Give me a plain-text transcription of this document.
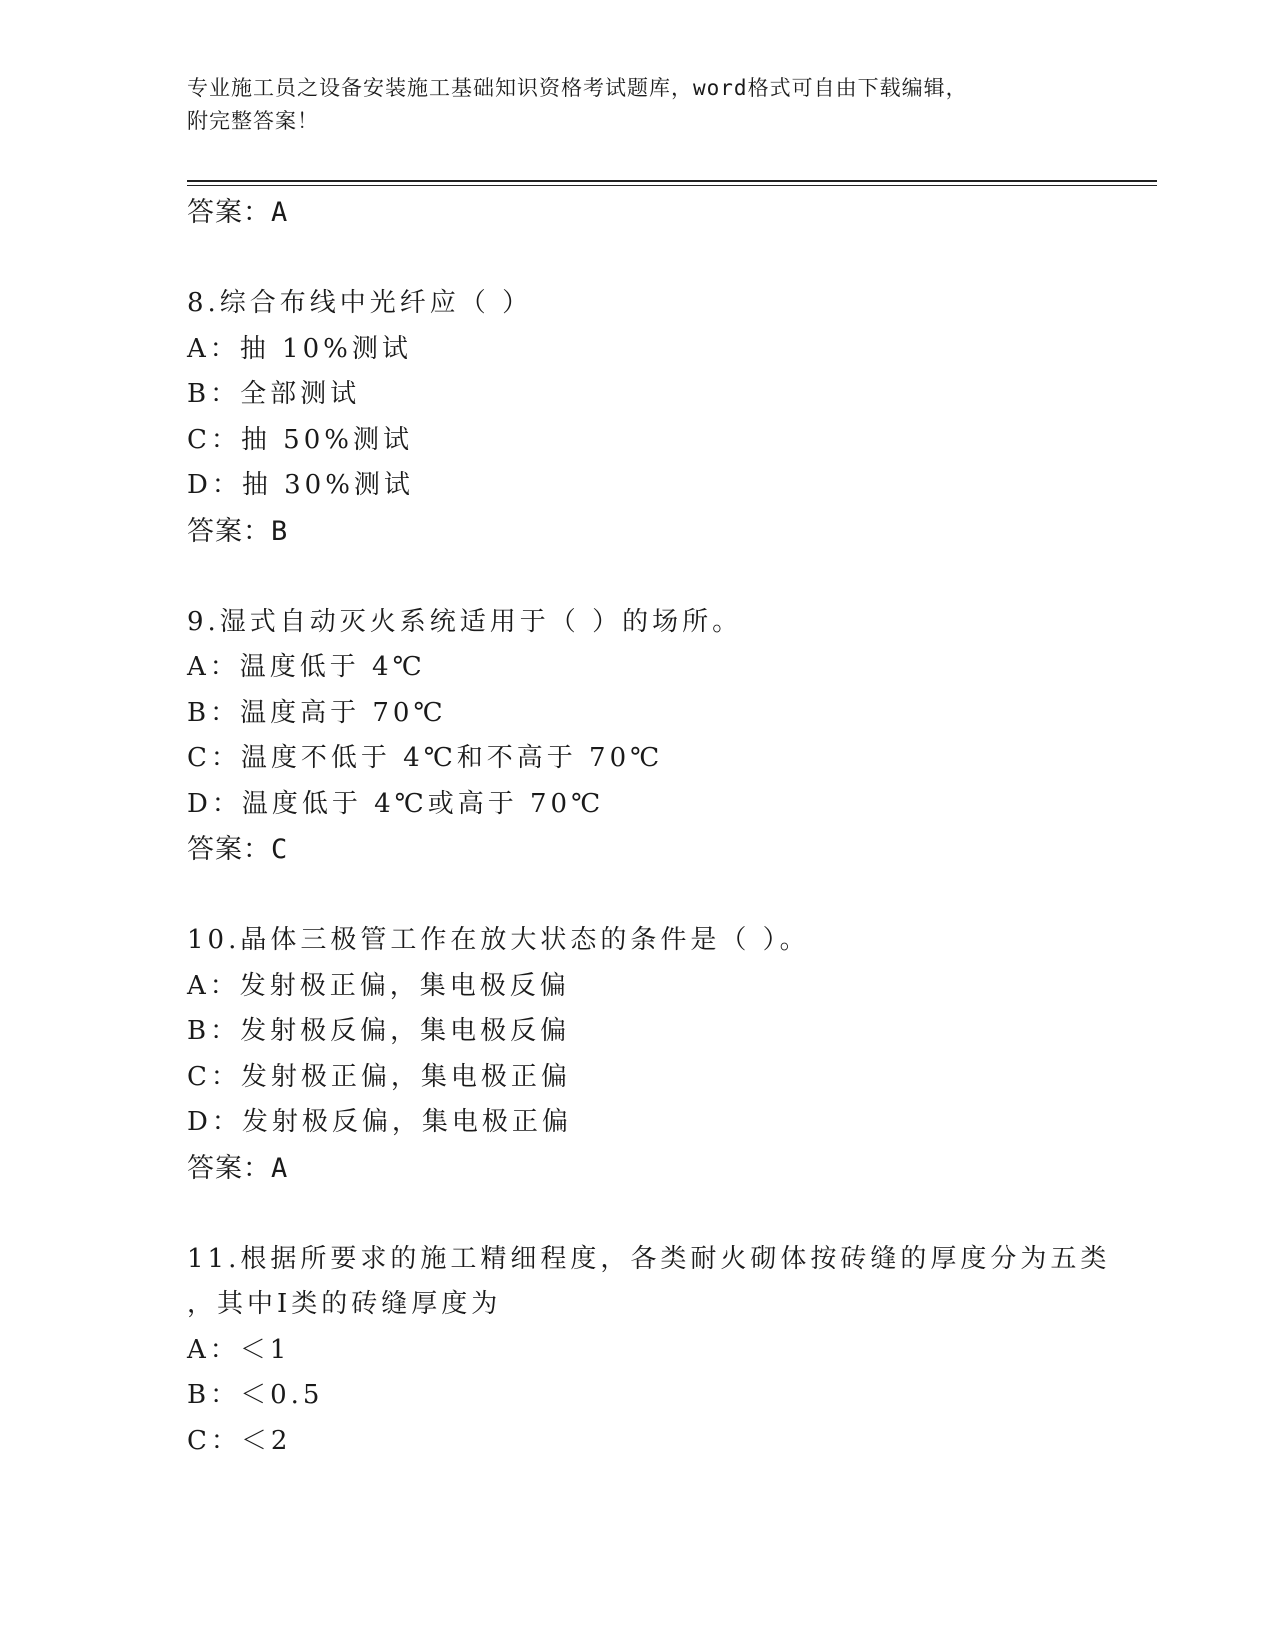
专业施工员之设备安装施工基础知识资格考试题库，word格式可自由下载编辑，
附完整答案！
答案：A
8.综合布线中光纤应（ ）
A：抽 10%测试
B：全部测试
C：抽 50%测试
D：抽 30%测试
答案：B
9.湿式自动灭火系统适用于（ ）的场所。
A：温度低于 4℃
B：温度高于 70℃
C：温度不低于 4℃和不高于 70℃
D：温度低于 4℃或高于 70℃
答案：C
10.晶体三极管工作在放大状态的条件是（ ）。
A：发射极正偏，集电极反偏
B：发射极反偏，集电极反偏
C：发射极正偏，集电极正偏
D：发射极反偏，集电极正偏
答案：A
11.根据所要求的施工精细程度，各类耐火砌体按砖缝的厚度分为五类
，其中Ⅰ类的砖缝厚度为
A：＜1
B：＜0.5
C：＜2
